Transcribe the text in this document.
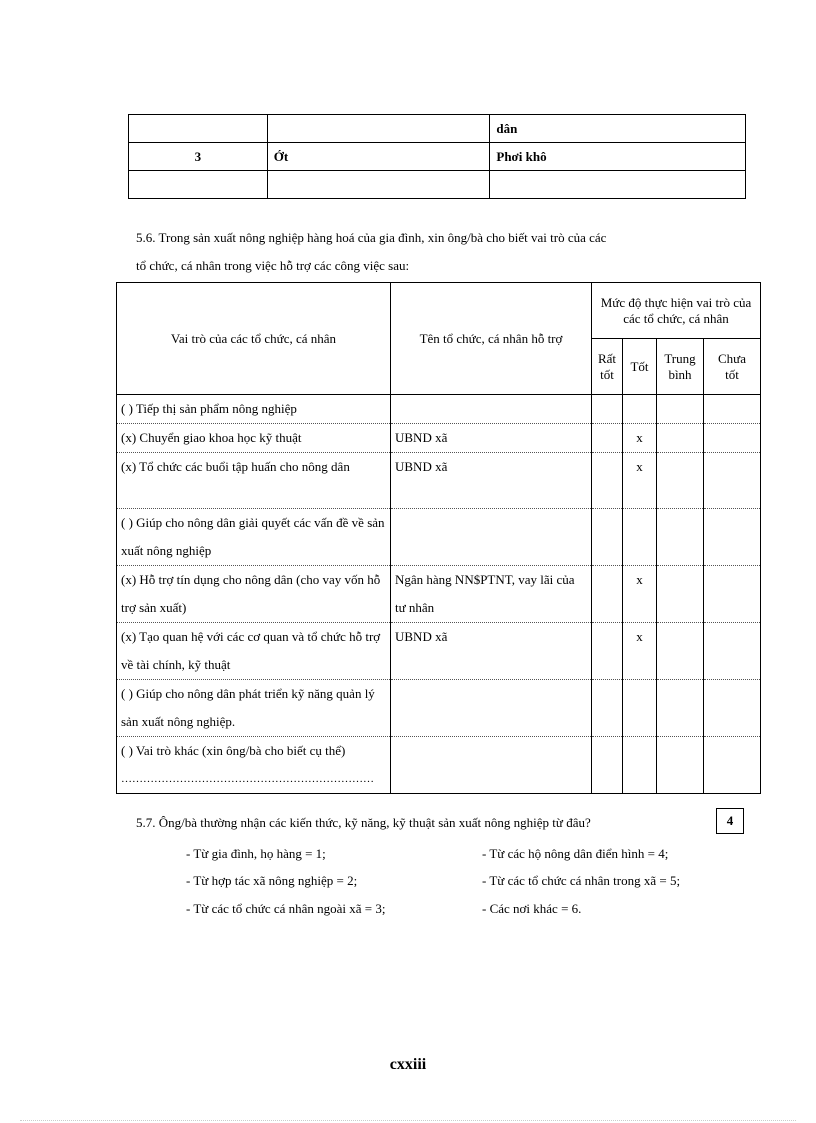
		dân
3	Ớt	Phơi khô

5.6. Trong sản xuất nông nghiệp hàng hoá của gia đình, xin ông/bà cho biết vai trò của các
tổ chức, cá nhân trong việc hỗ trợ các công việc sau:
Vai trò của các tổ chức, cá nhân	Tên tổ chức, cá nhân hỗ trợ	Mức độ thực hiện vai trò của các tổ chức, cá nhân			
		Rất tốt	Tốt	Trung bình	Chưa tốt
( ) Tiếp thị sản phẩm nông nghiệp					
(x) Chuyển giao khoa học kỹ thuật	UBND xã		x		
(x) Tổ chức các buổi tập huấn cho nông dân	UBND xã		x		
( ) Giúp cho nông dân giải quyết các vấn đề về sản xuất nông nghiệp					
(x) Hỗ trợ tín dụng cho nông dân (cho vay vốn hỗ trợ sản xuất)	Ngân hàng NN$PTNT, vay lãi của tư nhân		x		
(x) Tạo quan hệ với các cơ quan và tổ chức hỗ trợ về tài chính, kỹ thuật	UBND xã		x		
( ) Giúp cho nông dân phát triển kỹ năng quản lý sản xuất nông nghiệp.					

( ) Vai trò khác (xin ông/bà cho biết cụ thể)
……………………………………………………………					

5.7. Ông/bà thường nhận các kiến thức, kỹ năng, kỹ thuật sản xuất nông nghiệp từ đâu?	4
- Từ gia đình, họ hàng = 1;	- Từ các hộ nông dân điển hình = 4;
- Từ hợp tác xã nông nghiệp = 2;	- Từ các tổ chức cá nhân trong xã = 5;
- Từ các tổ chức cá nhân ngoài xã = 3;	- Các nơi khác = 6.
cxxiii
